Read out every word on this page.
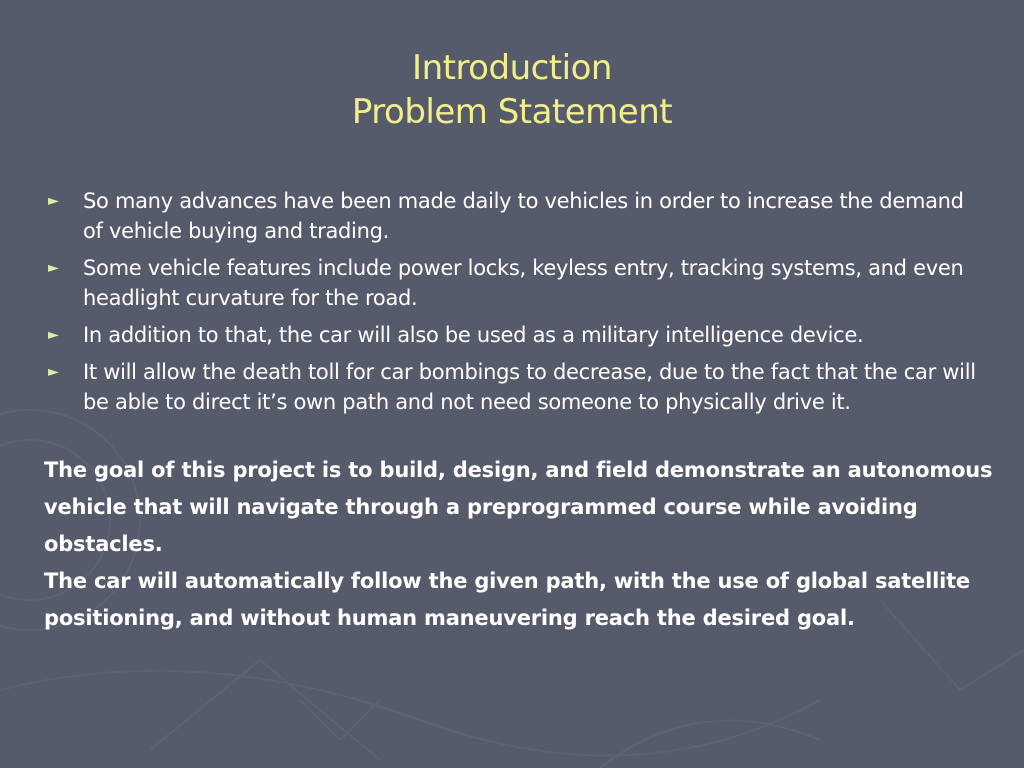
Introduction
Problem Statement
► So many advances have been made daily to vehicles in order to increase the demand of vehicle buying and trading.
► Some vehicle features include power locks, keyless entry, tracking systems, and even headlight curvature for the road.
► In addition to that, the car will also be used as a military intelligence device.
► It will allow the death toll for car bombings to decrease, due to the fact that the car will be able to direct it’s own path and not need someone to physically drive it.

The goal of this project is to build, design, and field demonstrate an autonomous vehicle that will navigate through a preprogrammed course while avoiding obstacles.

The car will automatically follow the given path, with the use of global satellite positioning, and without human maneuvering reach the desired goal.
